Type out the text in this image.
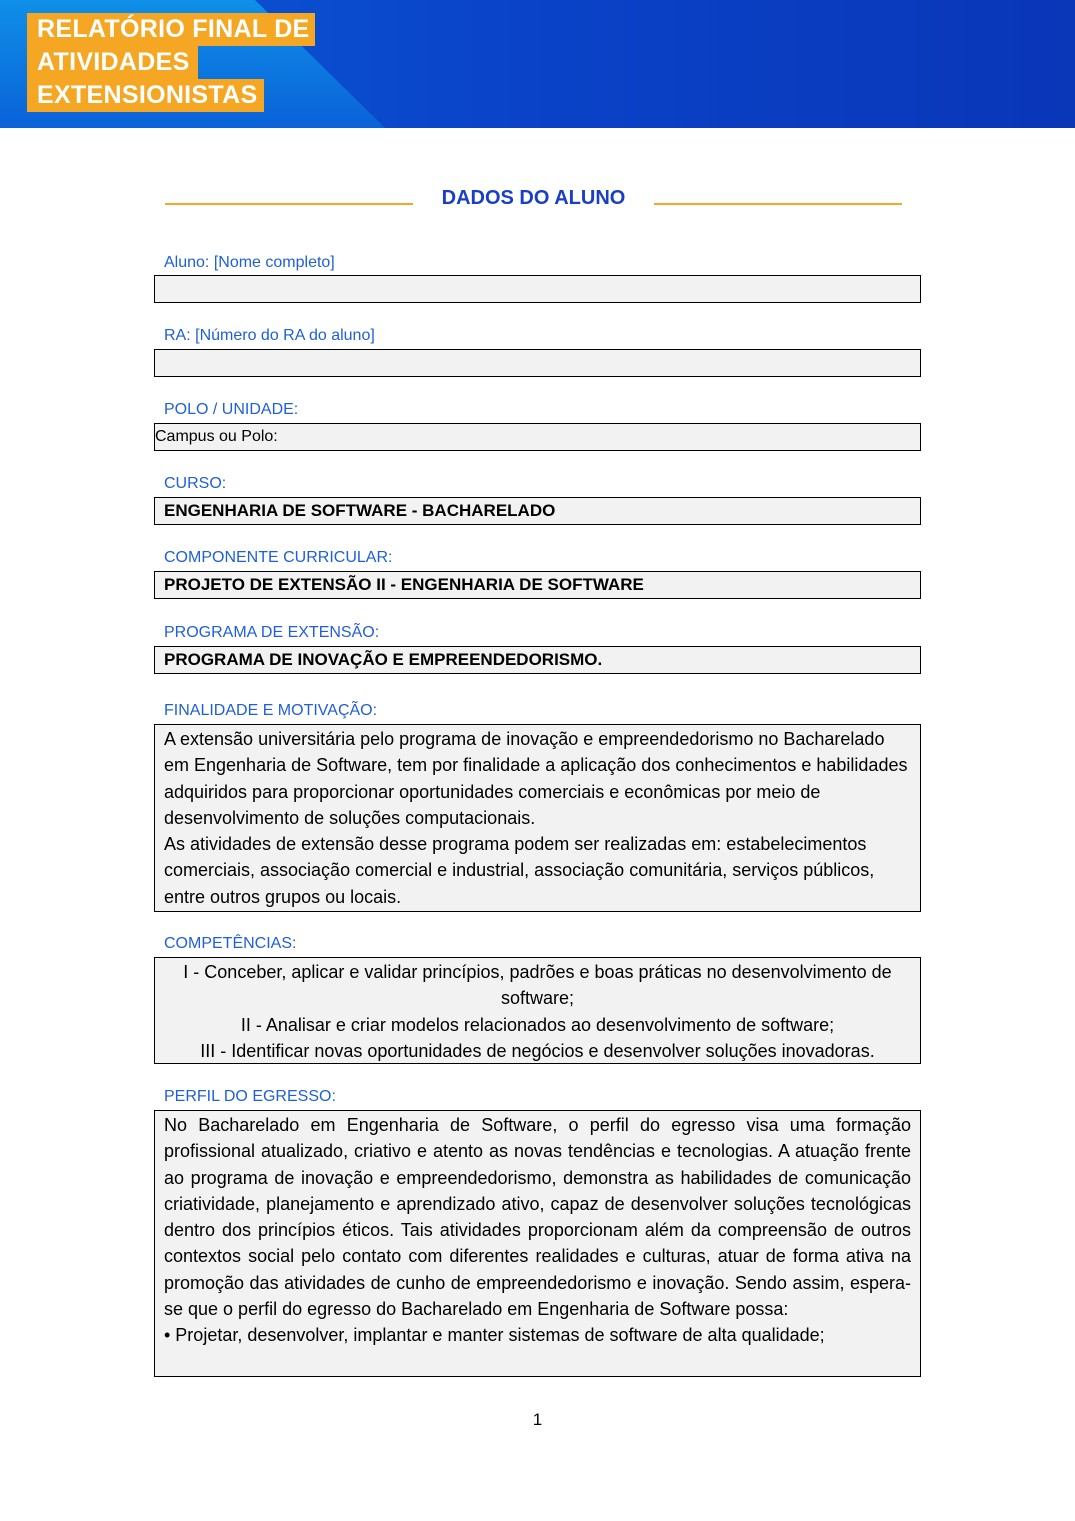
RELATÓRIO FINAL DE
ATIVIDADES
EXTENSIONISTAS
DADOS DO ALUNO
Aluno: [Nome completo]
RA: [Número do RA do aluno]
POLO / UNIDADE:
Campus ou Polo:
CURSO:
ENGENHARIA DE SOFTWARE - BACHARELADO
COMPONENTE CURRICULAR:
PROJETO DE EXTENSÃO II - ENGENHARIA DE SOFTWARE
PROGRAMA DE EXTENSÃO:
PROGRAMA DE INOVAÇÃO E EMPREENDEDORISMO.
FINALIDADE E MOTIVAÇÃO:

A extensão universitária pelo programa de inovação e empreendedorismo no Bacharelado em Engenharia de Software, tem por finalidade a aplicação dos conhecimentos e habilidades adquiridos para proporcionar oportunidades comerciais e econômicas por meio de desenvolvimento de soluções computacionais.

As atividades de extensão desse programa podem ser realizadas em: estabelecimentos comerciais, associação comercial e industrial, associação comunitária, serviços públicos, entre outros grupos ou locais.

COMPETÊNCIAS:

I - Conceber, aplicar e validar princípios, padrões e boas práticas no desenvolvimento de software;

II - Analisar e criar modelos relacionados ao desenvolvimento de software;

III - Identificar novas oportunidades de negócios e desenvolver soluções inovadoras.

PERFIL DO EGRESSO:

No Bacharelado em Engenharia de Software, o perfil do egresso visa uma formação profissional atualizado, criativo e atento as novas tendências e tecnologias. A atuação frente ao programa de inovação e empreendedorismo, demonstra as habilidades de comunicação criatividade, planejamento e aprendizado ativo, capaz de desenvolver soluções tecnológicas dentro dos princípios éticos. Tais atividades proporcionam além da compreensão de outros contextos social pelo contato com diferentes realidades e culturas, atuar de forma ativa na promoção das atividades de cunho de empreendedorismo e inovação. Sendo assim, espera-se que o perfil do egresso do Bacharelado em Engenharia de Software possa:

• Projetar, desenvolver, implantar e manter sistemas de software de alta qualidade;

1
